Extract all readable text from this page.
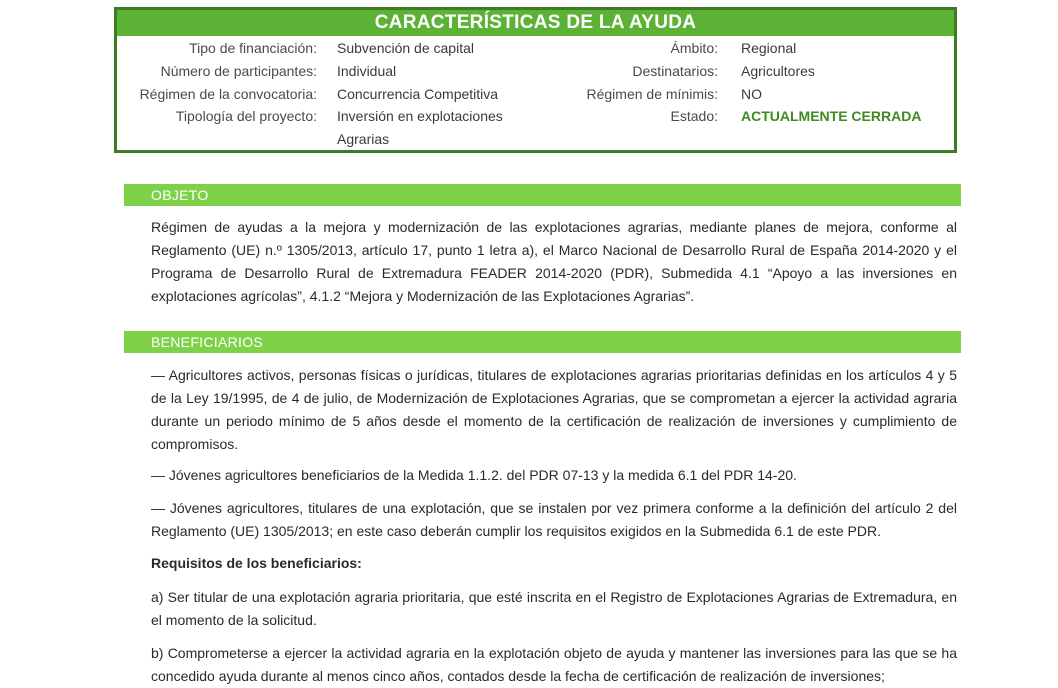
CARACTERÍSTICAS DE LA AYUDA
Tipo de financiación: Subvención de capital	Ámbito: Regional
Número de participantes: Individual	Destinatarios: Agricultores
Régimen de la convocatoria: Concurrencia Competitiva	Régimen de mínimis: NO
Tipología del proyecto: Inversión en explotaciones	Estado: ACTUALMENTE CERRADA
Agrarias
OBJETO

Régimen de ayudas a la mejora y modernización de las explotaciones agrarias, mediante planes de mejora, conforme al Reglamento (UE) n.º 1305/2013, artículo 17, punto 1 letra a), el Marco Nacional de Desarrollo Rural de España 2014-2020 y el Programa de Desarrollo Rural de Extremadura FEADER 2014-2020 (PDR), Submedida 4.1 “Apoyo a las inversiones en explotaciones agrícolas”, 4.1.2 “Mejora y Modernización de las Explotaciones Agrarias”.

BENEFICIARIOS

— Agricultores activos, personas físicas o jurídicas, titulares de explotaciones agrarias prioritarias definidas en los artículos 4 y 5 de la Ley 19/1995, de 4 de julio, de Modernización de Explotaciones Agrarias, que se comprometan a ejercer la actividad agraria durante un periodo mínimo de 5 años desde el momento de la certificación de realización de inversiones y cumplimiento de compromisos.

— Jóvenes agricultores beneficiarios de la Medida 1.1.2. del PDR 07-13 y la medida 6.1 del PDR 14-20.

— Jóvenes agricultores, titulares de una explotación, que se instalen por vez primera conforme a la definición del artículo 2 del Reglamento (UE) 1305/2013; en este caso deberán cumplir los requisitos exigidos en la Submedida 6.1 de este PDR.

Requisitos de los beneficiarios:

a) Ser titular de una explotación agraria prioritaria, que esté inscrita en el Registro de Explotaciones Agrarias de Extremadura, en el momento de la solicitud.

b) Comprometerse a ejercer la actividad agraria en la explotación objeto de ayuda y mantener las inversiones para las que se ha concedido ayuda durante al menos cinco años, contados desde la fecha de certificación de realización de inversiones;
